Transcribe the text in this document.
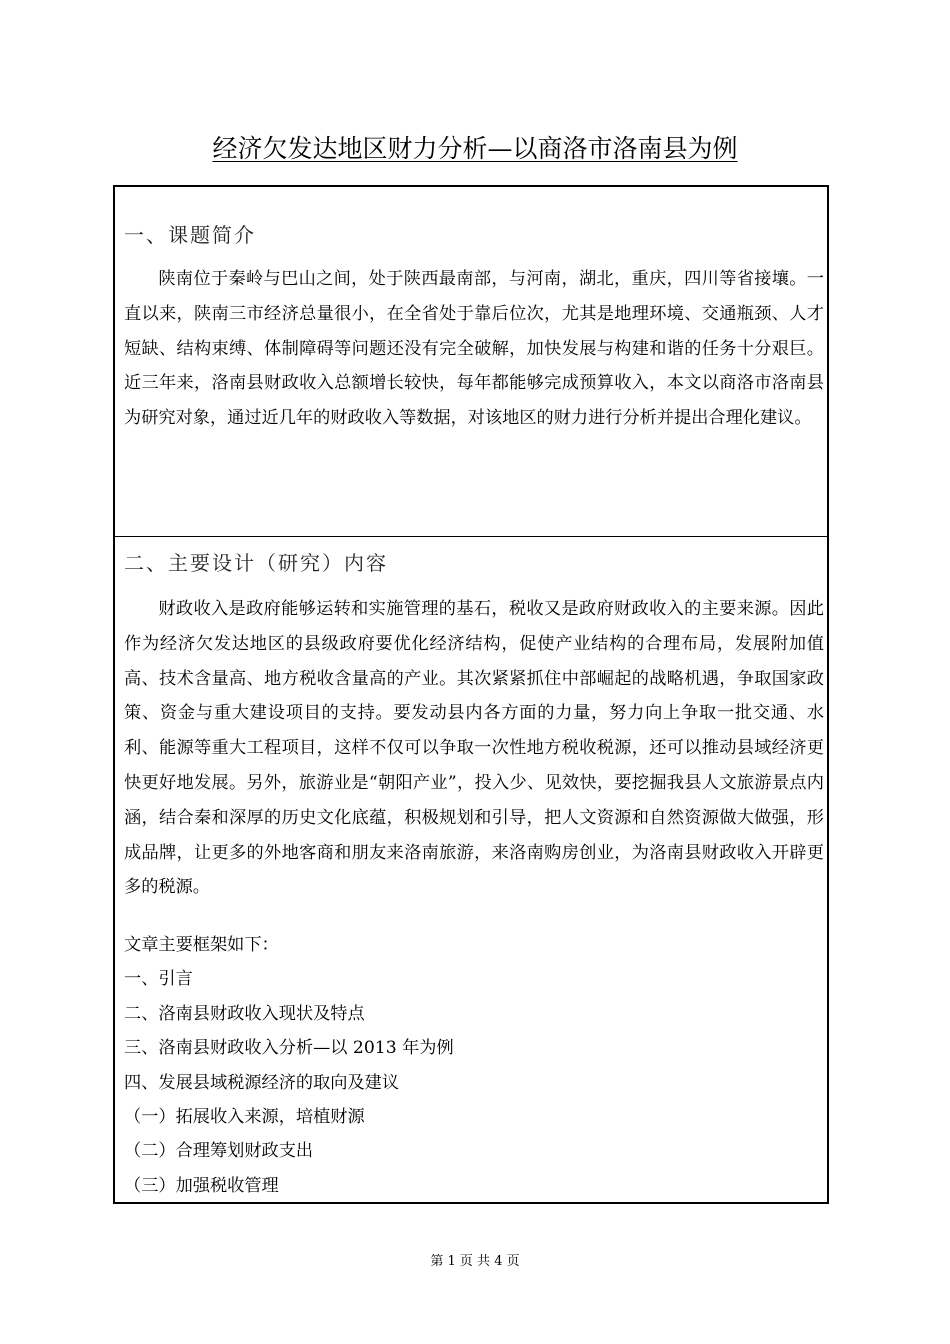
经济欠发达地区财力分析—以商洛市洛南县为例
一、课题简介

陕南位于秦岭与巴山之间，处于陕西最南部，与河南，湖北，重庆，四川等省接壤。一直以来，陕南三市经济总量很小，在全省处于靠后位次，尤其是地理环境、交通瓶颈、人才短缺、结构束缚、体制障碍等问题还没有完全破解，加快发展与构建和谐的任务十分艰巨。近三年来，洛南县财政收入总额增长较快，每年都能够完成预算收入，本文以商洛市洛南县为研究对象，通过近几年的财政收入等数据，对该地区的财力进行分析并提出合理化建议。

二、主要设计（研究）内容

财政收入是政府能够运转和实施管理的基石，税收又是政府财政收入的主要来源。因此作为经济欠发达地区的县级政府要优化经济结构，促使产业结构的合理布局，发展附加值高、技术含量高、地方税收含量高的产业。其次紧紧抓住中部崛起的战略机遇，争取国家政策、资金与重大建设项目的支持。要发动县内各方面的力量，努力向上争取一批交通、水利、能源等重大工程项目，这样不仅可以争取一次性地方税收税源，还可以推动县域经济更快更好地发展。另外，旅游业是“朝阳产业”，投入少、见效快，要挖掘我县人文旅游景点内涵，结合秦和深厚的历史文化底蕴，积极规划和引导，把人文资源和自然资源做大做强，形成品牌，让更多的外地客商和朋友来洛南旅游，来洛南购房创业，为洛南县财政收入开辟更多的税源。

文章主要框架如下：
一、引言
二、洛南县财政收入现状及特点
三、洛南县财政收入分析—以 2013 年为例
四、发展县域税源经济的取向及建议
（一）拓展收入来源，培植财源
（二）合理筹划财政支出
（三）加强税收管理
第 1 页 共 4 页
